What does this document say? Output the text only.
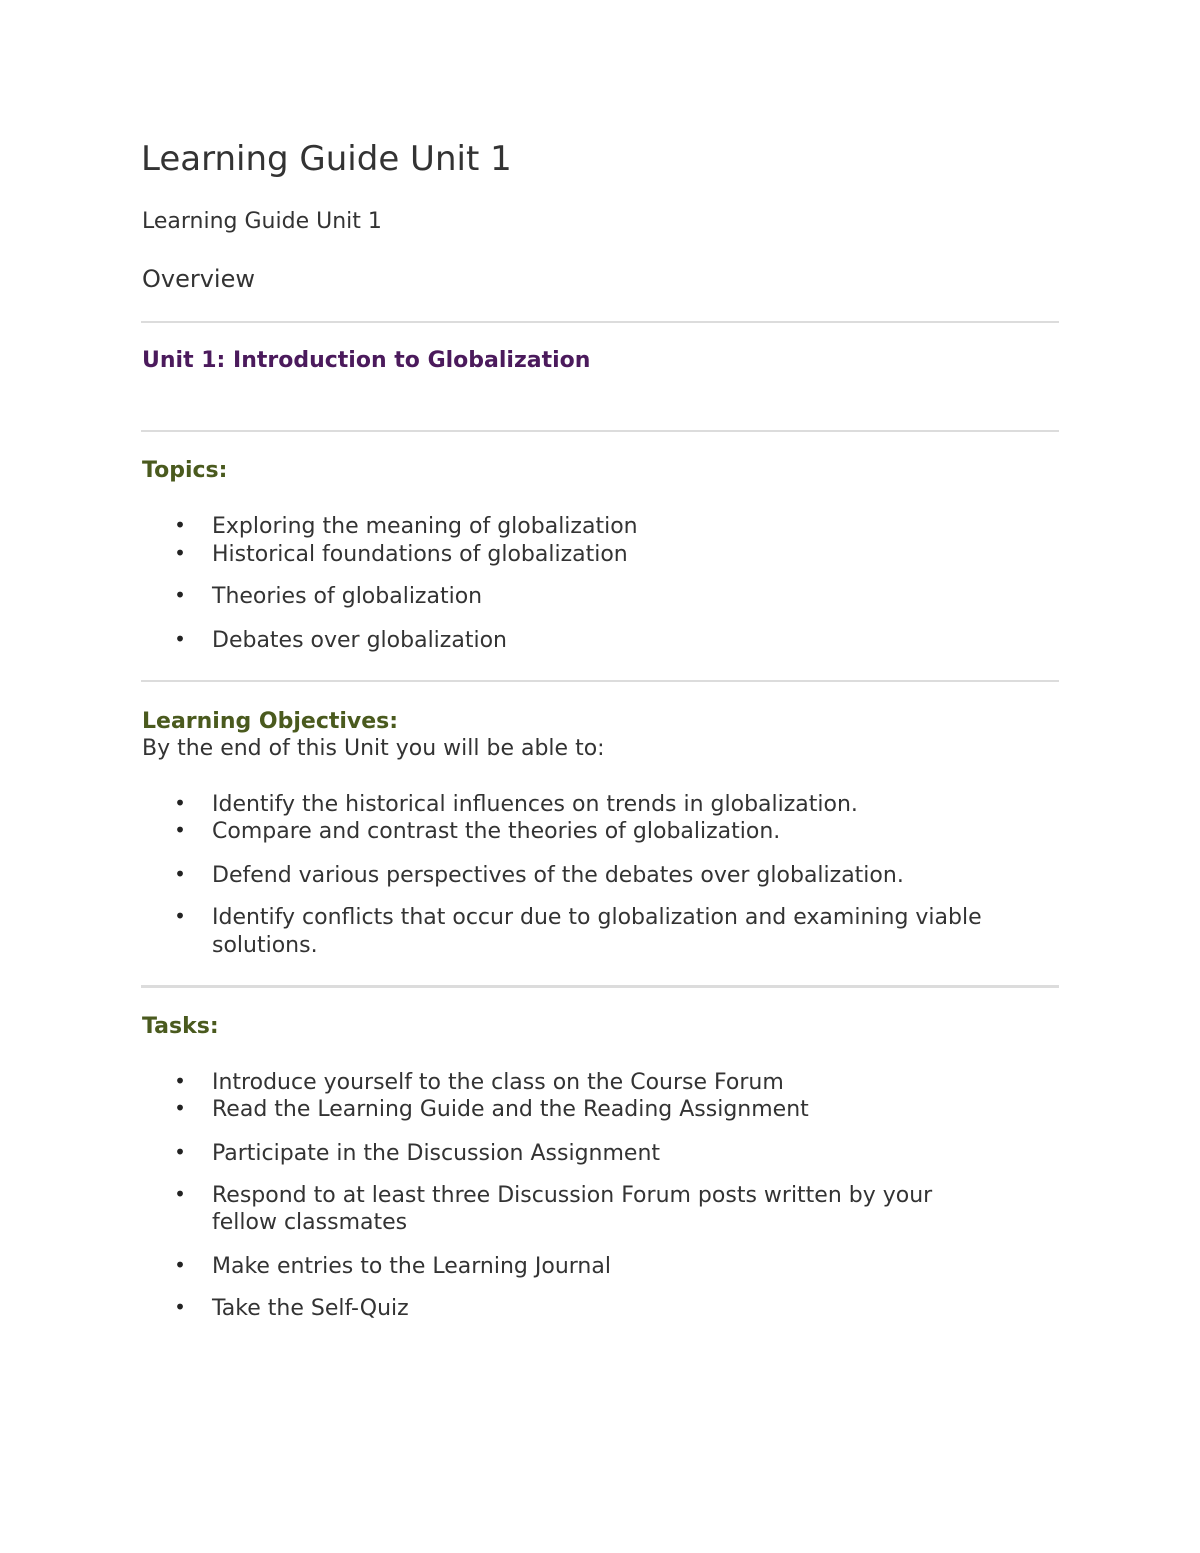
Learning Guide Unit 1
Learning Guide Unit 1
Overview
Unit 1: Introduction to Globalization
Topics:
• Exploring the meaning of globalization
• Historical foundations of globalization
• Theories of globalization
• Debates over globalization
Learning Objectives:
By the end of this Unit you will be able to:
• Identify the historical influences on trends in globalization.
• Compare and contrast the theories of globalization.
• Defend various perspectives of the debates over globalization.
• Identify conflicts that occur due to globalization and examining viable
solutions.
Tasks:
• Introduce yourself to the class on the Course Forum
• Read the Learning Guide and the Reading Assignment
• Participate in the Discussion Assignment
• Respond to at least three Discussion Forum posts written by your
fellow classmates
• Make entries to the Learning Journal
• Take the Self-Quiz
